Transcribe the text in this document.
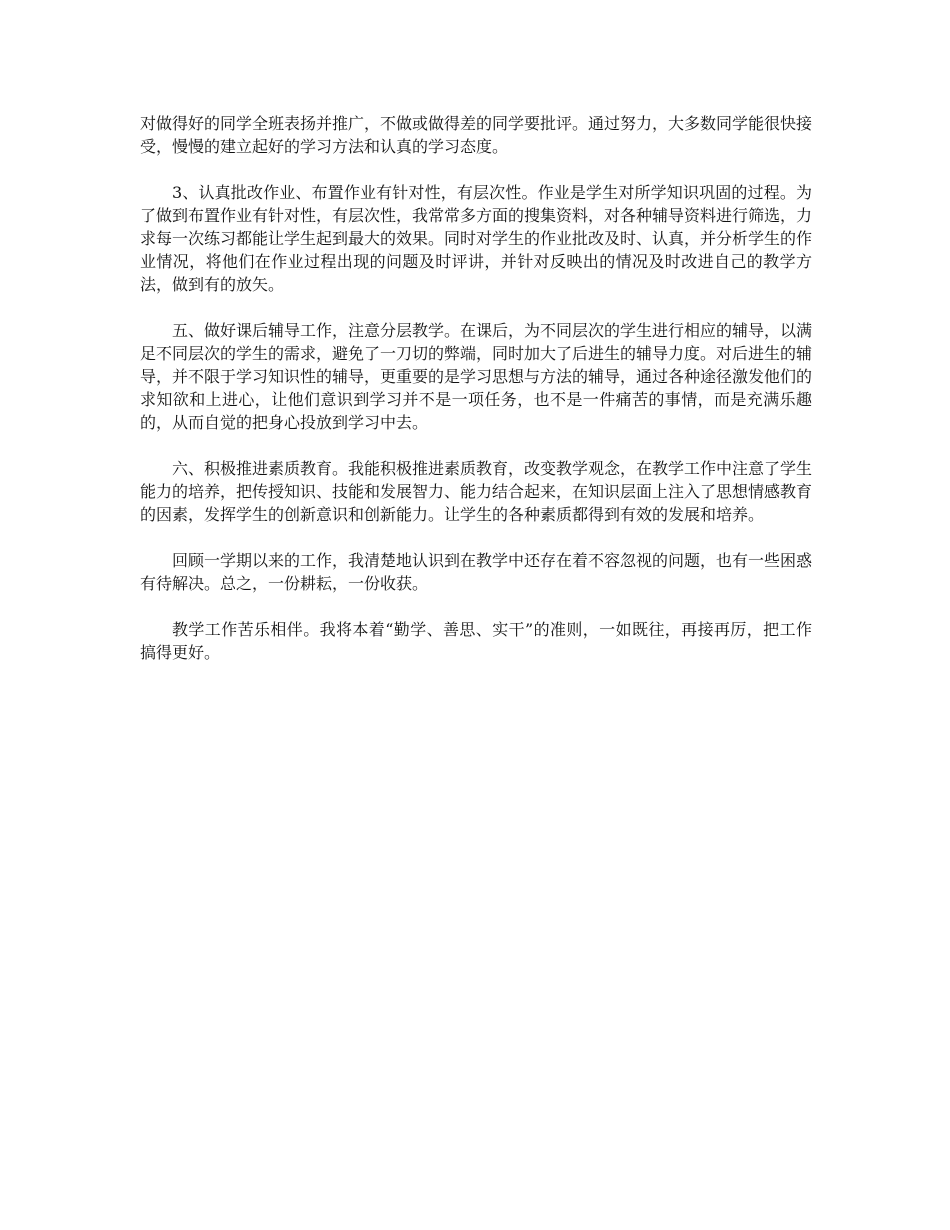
对做得好的同学全班表扬并推广，不做或做得差的同学要批评。通过努力，大多数同学能很快接受，慢慢的建立起好的学习方法和认真的学习态度。

3、认真批改作业、布置作业有针对性，有层次性。作业是学生对所学知识巩固的过程。为了做到布置作业有针对性，有层次性，我常常多方面的搜集资料，对各种辅导资料进行筛选，力求每一次练习都能让学生起到最大的效果。同时对学生的作业批改及时、认真，并分析学生的作业情况，将他们在作业过程出现的问题及时评讲，并针对反映出的情况及时改进自己的教学方法，做到有的放矢。

五、做好课后辅导工作，注意分层教学。在课后，为不同层次的学生进行相应的辅导，以满足不同层次的学生的需求，避免了一刀切的弊端，同时加大了后进生的辅导力度。对后进生的辅导，并不限于学习知识性的辅导，更重要的是学习思想与方法的辅导，通过各种途径激发他们的求知欲和上进心，让他们意识到学习并不是一项任务，也不是一件痛苦的事情，而是充满乐趣的，从而自觉的把身心投放到学习中去。

六、积极推进素质教育。我能积极推进素质教育，改变教学观念，在教学工作中注意了学生能力的培养，把传授知识、技能和发展智力、能力结合起来，在知识层面上注入了思想情感教育的因素，发挥学生的创新意识和创新能力。让学生的各种素质都得到有效的发展和培养。

回顾一学期以来的工作，我清楚地认识到在教学中还存在着不容忽视的问题，也有一些困惑有待解决。总之，一份耕耘，一份收获。

教学工作苦乐相伴。我将本着“勤学、善思、实干”的准则，一如既往，再接再厉，把工作搞得更好。
